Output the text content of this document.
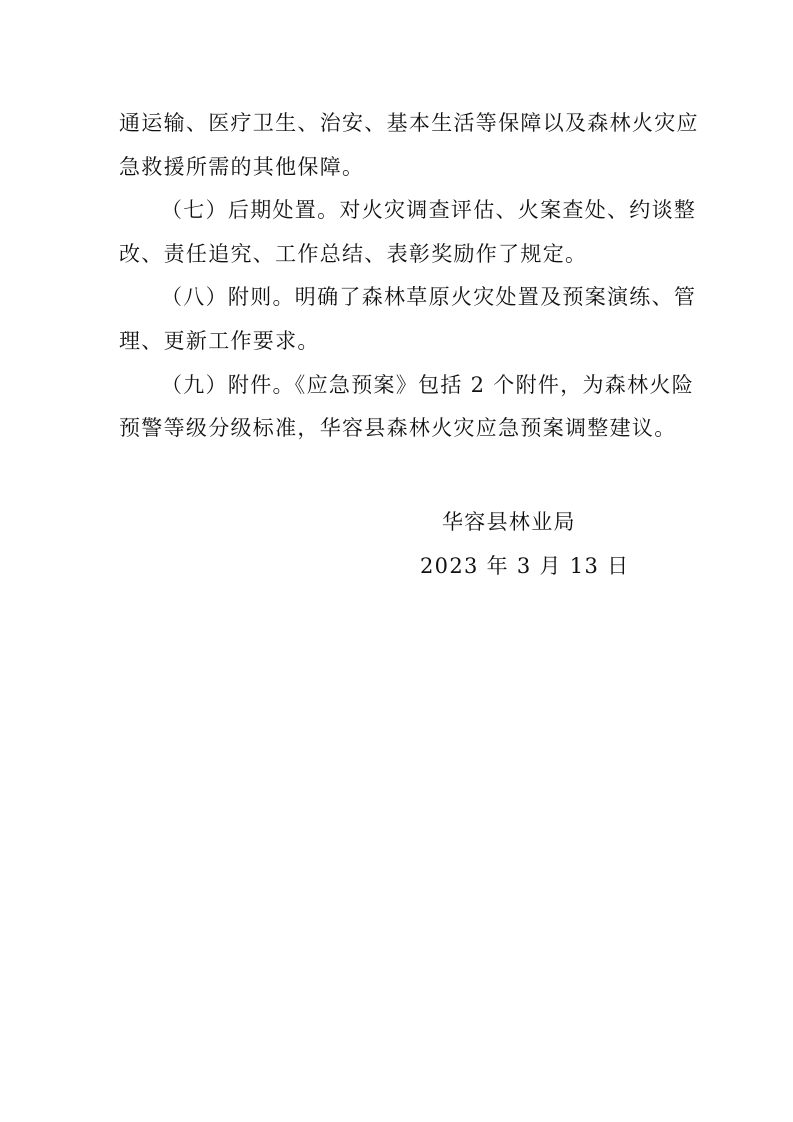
通运输、医疗卫生、治安、基本生活等保障以及森林火灾应
急救援所需的其他保障。
（七）后期处置。对火灾调查评估、火案查处、约谈整
改、责任追究、工作总结、表彰奖励作了规定。
（八）附则。明确了森林草原火灾处置及预案演练、管
理、更新工作要求。
（九）附件。《应急预案》包括 2 个附件，为森林火险
预警等级分级标准，华容县森林火灾应急预案调整建议。
华容县林业局
2023 年 3 月 13 日
